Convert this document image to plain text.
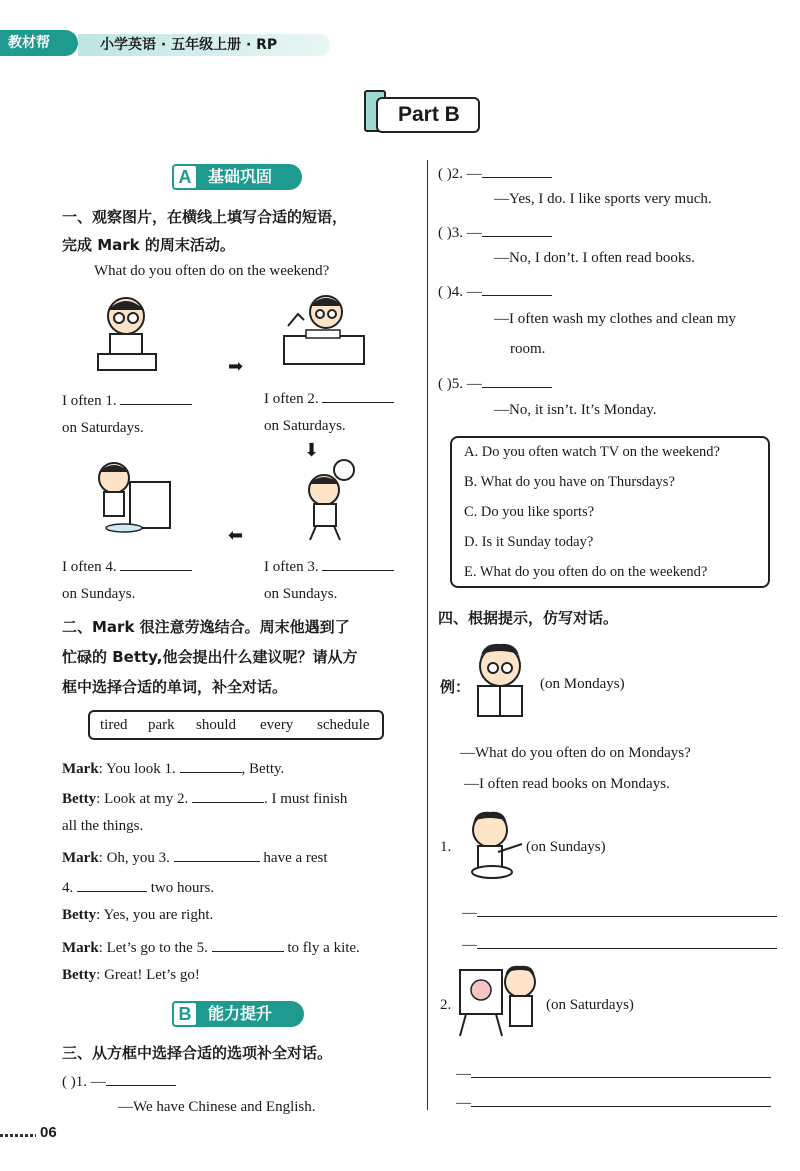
教材帮	小学英语 · 五年级上册 · RP
Part B
基础巩固
A
一、观察图片，在横线上填写合适的短语，
完成 Mark 的周末活动。
What do you often do on the weekend?
➡
⬇
⬅
I often 1.
on Saturdays.
I often 2.
on Saturdays.
I often 4.
on Sundays.
I often 3.
on Sundays.
二、Mark 很注意劳逸结合。周末他遇到了
忙碌的 Betty,他会提出什么建议呢？请从方
框中选择合适的单词，补全对话。
tired park should every schedule
Mark: You look 1.	, Betty.
Betty: Look at my 2.	. I must finish
all the things.
Mark: Oh, you 3.	have a rest
4.	two hours.
Betty: Yes, you are right.
Mark: Let’s go to the 5.	to fly a kite.
Betty: Great! Let’s go!
能力提升
B
三、从方框中选择合适的选项补全对话。
( )1. —
—We have Chinese and English.
( )2. —
—Yes, I do. I like sports very much.
( )3. —
—No, I don’t. I often read books.
( )4. —
—I often wash my clothes and clean my
room.
( )5. —
—No, it isn’t. It’s Monday.
A. Do you often watch TV on the weekend?
B. What do you have on Thursdays?
C. Do you like sports?
D. Is it Sunday today?
E. What do you often do on the weekend?
四、根据提示，仿写对话。
例：	(on Mondays)
—What do you often do on Mondays?
—I often read books on Mondays.
1.	(on Sundays)
—
—
2.	(on Saturdays)
—
—
06
